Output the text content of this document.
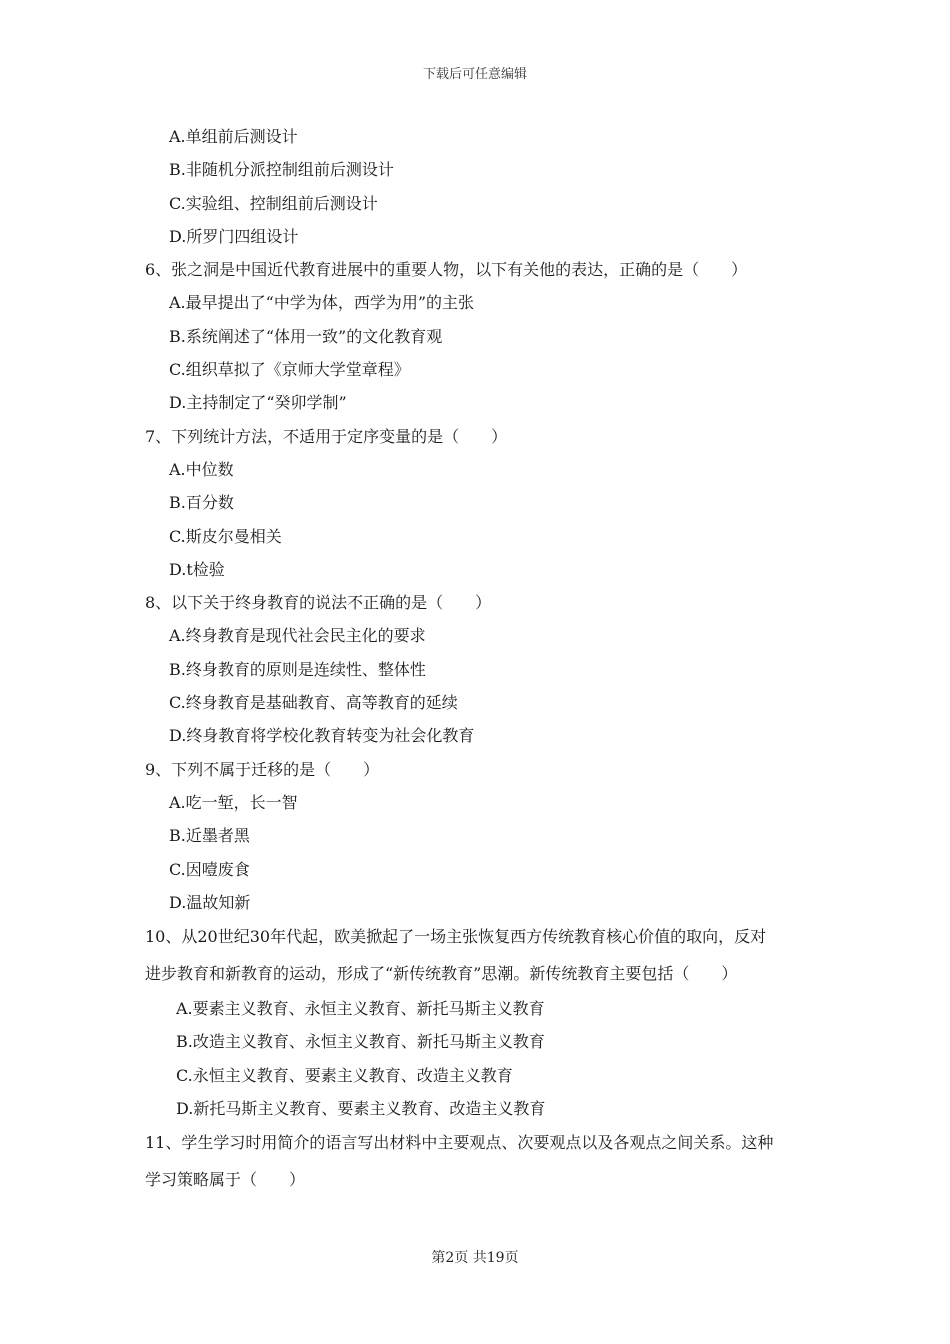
下载后可任意编辑
A.单组前后测设计
B.非随机分派控制组前后测设计
C.实验组、控制组前后测设计
D.所罗门四组设计
6、张之洞是中国近代教育进展中的重要人物，以下有关他的表达，正确的是（　　）
A.最早提出了“中学为体，西学为用”的主张
B.系统阐述了“体用一致”的文化教育观
C.组织草拟了《京师大学堂章程》
D.主持制定了“癸卯学制”
7、下列统计方法，不适用于定序变量的是（　　）
A.中位数
B.百分数
C.斯皮尔曼相关
D.t检验
8、以下关于终身教育的说法不正确的是（　　）
A.终身教育是现代社会民主化的要求
B.终身教育的原则是连续性、整体性
C.终身教育是基础教育、高等教育的延续
D.终身教育将学校化教育转变为社会化教育
9、下列不属于迁移的是（　　）
A.吃一堑，长一智
B.近墨者黑
C.因噎废食
D.温故知新
10、从20世纪30年代起，欧美掀起了一场主张恢复西方传统教育核心价值的取向，反对
进步教育和新教育的运动，形成了“新传统教育”思潮。新传统教育主要包括（　　）
A.要素主义教育、永恒主义教育、新托马斯主义教育
B.改造主义教育、永恒主义教育、新托马斯主义教育
C.永恒主义教育、要素主义教育、改造主义教育
D.新托马斯主义教育、要素主义教育、改造主义教育
11、学生学习时用简介的语言写出材料中主要观点、次要观点以及各观点之间关系。这种
学习策略属于（　　）
第2页 共19页
